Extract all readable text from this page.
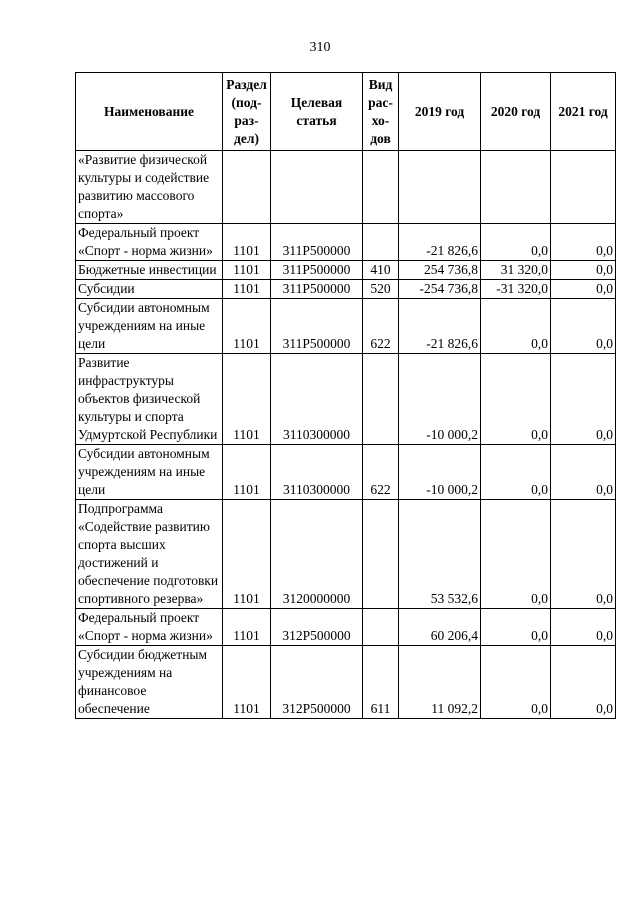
310
Наименование	Раздел (под-раз-дел)	Целевая статья	Вид рас-хо-дов	2019 год	2020 год	2021 год
«Развитие физической культуры и содействие развитию массового спорта»						
Федеральный проект «Спорт - норма жизни»	1101	311P500000		-21 826,6	0,0	0,0
Бюджетные инвестиции	1101	311P500000	410	254 736,8	31 320,0	0,0
Субсидии	1101	311P500000	520	-254 736,8	-31 320,0	0,0
Субсидии автономным учреждениям на иные цели	1101	311P500000	622	-21 826,6	0,0	0,0
Развитие инфраструктуры объектов физической культуры и спорта Удмуртской Республики	1101	3110300000		-10 000,2	0,0	0,0
Субсидии автономным учреждениям на иные цели	1101	3110300000	622	-10 000,2	0,0	0,0
Подпрограмма «Содействие развитию спорта высших достижений и обеспечение подготовки спортивного резерва»	1101	3120000000		53 532,6	0,0	0,0
Федеральный проект «Спорт - норма жизни»	1101	312P500000		60 206,4	0,0	0,0
Субсидии бюджетным учреждениям на финансовое обеспечение	1101	312P500000	611	11 092,2	0,0	0,0
